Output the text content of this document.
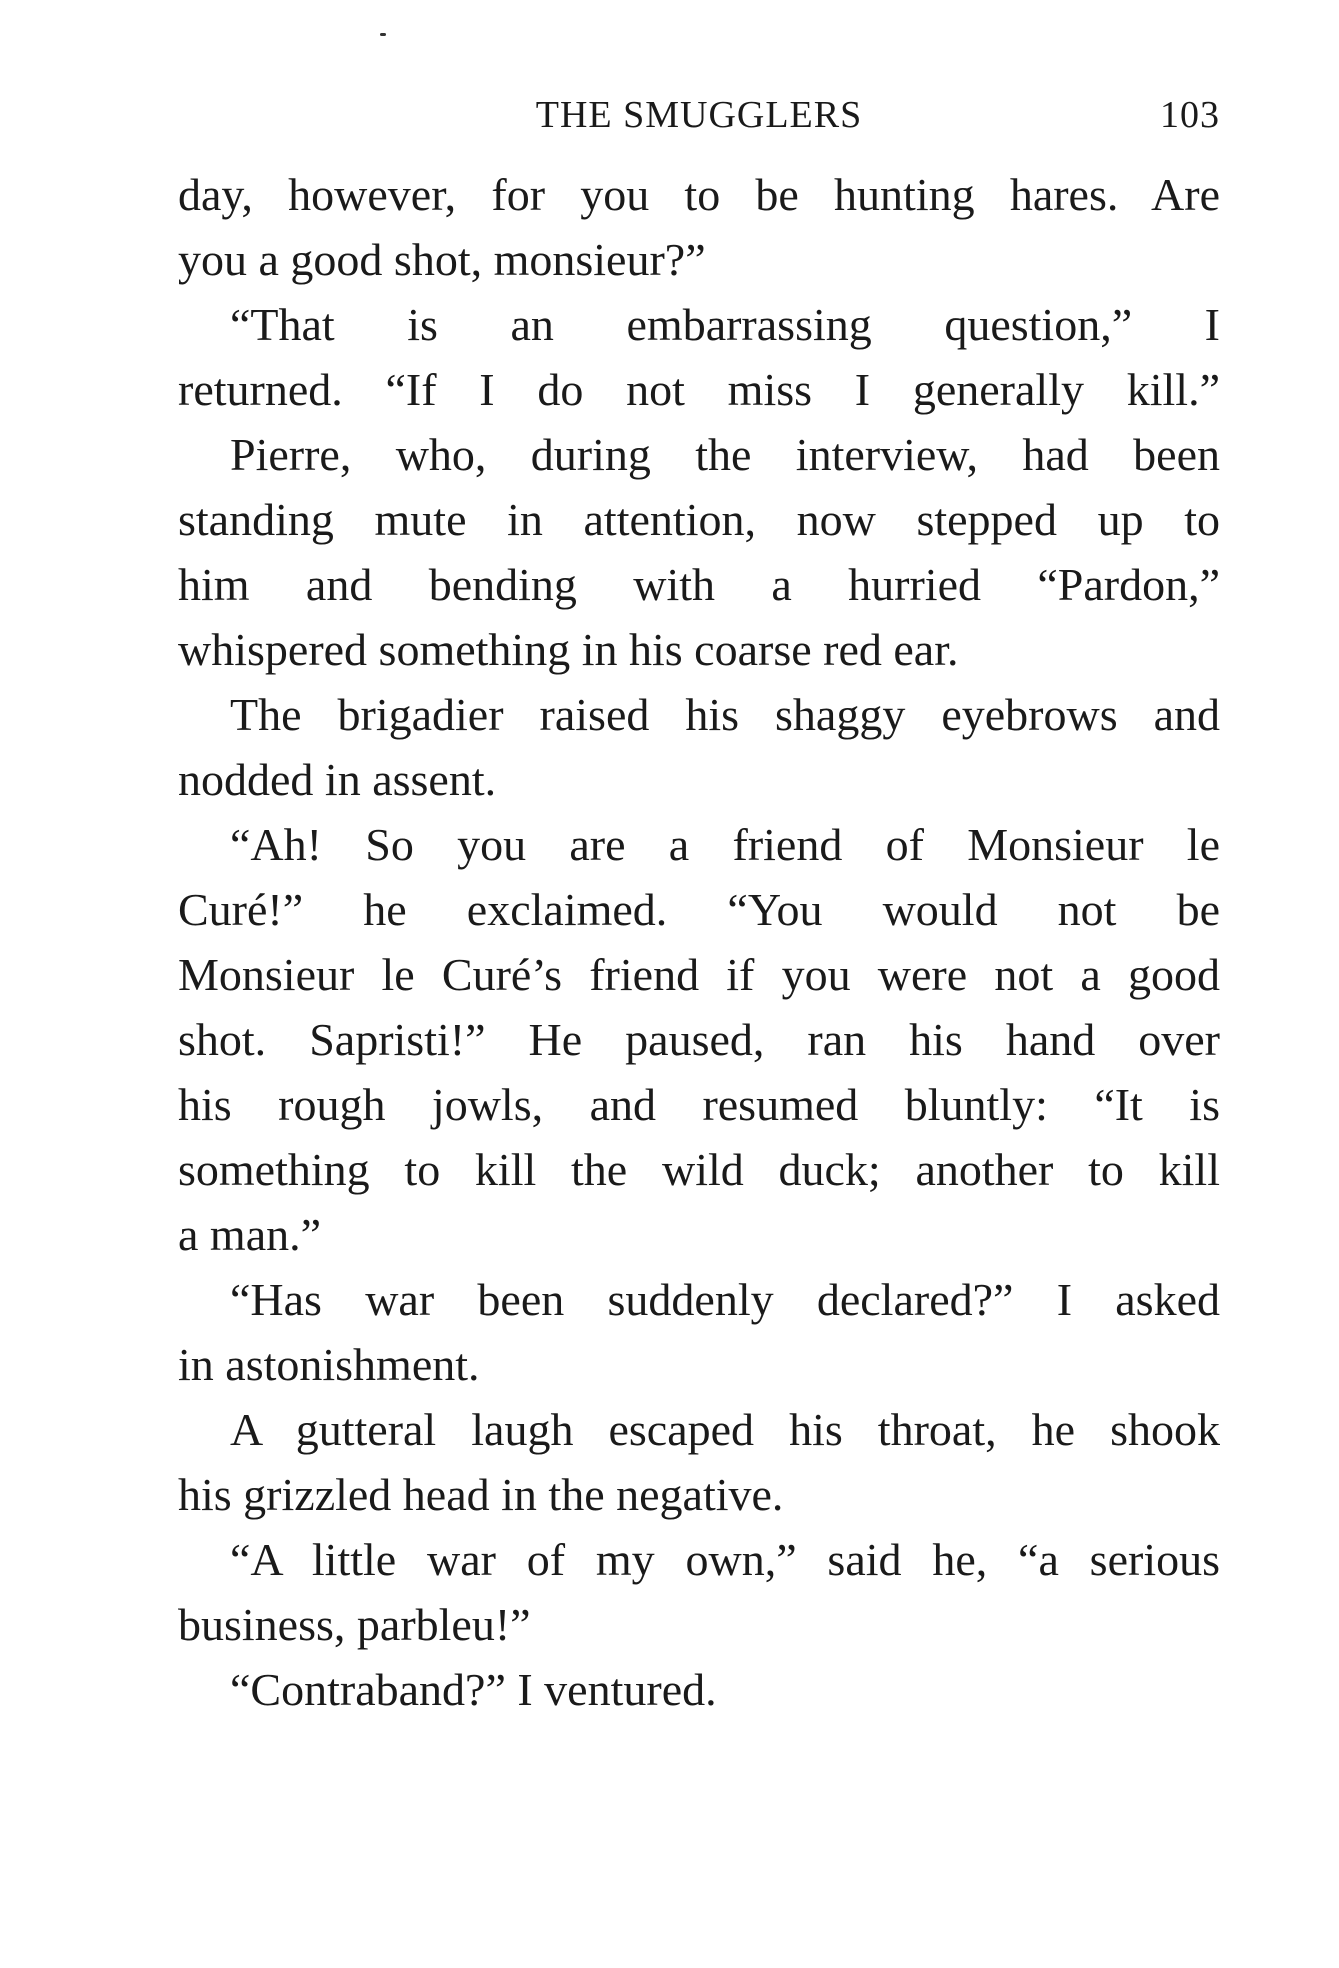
THE SMUGGLERS	103
day, however, for you to be hunting hares. Are
you a good shot, monsieur?”
“That is an embarrassing question,” I
returned. “If I do not miss I generally kill.”
Pierre, who, during the interview, had been
standing mute in attention, now stepped up to
him and bending with a hurried “Pardon,”
whispered something in his coarse red ear.
The brigadier raised his shaggy eyebrows and
nodded in assent.
“Ah! So you are a friend of Monsieur le
Curé!” he exclaimed. “You would not be
Monsieur le Curé’s friend if you were not a good
shot. Sapristi!” He paused, ran his hand over
his rough jowls, and resumed bluntly: “It is
something to kill the wild duck; another to kill
a man.”
“Has war been suddenly declared?” I asked
in astonishment.
A gutteral laugh escaped his throat, he shook
his grizzled head in the negative.
“A little war of my own,” said he, “a serious
business, parbleu!”
“Contraband?” I ventured.
